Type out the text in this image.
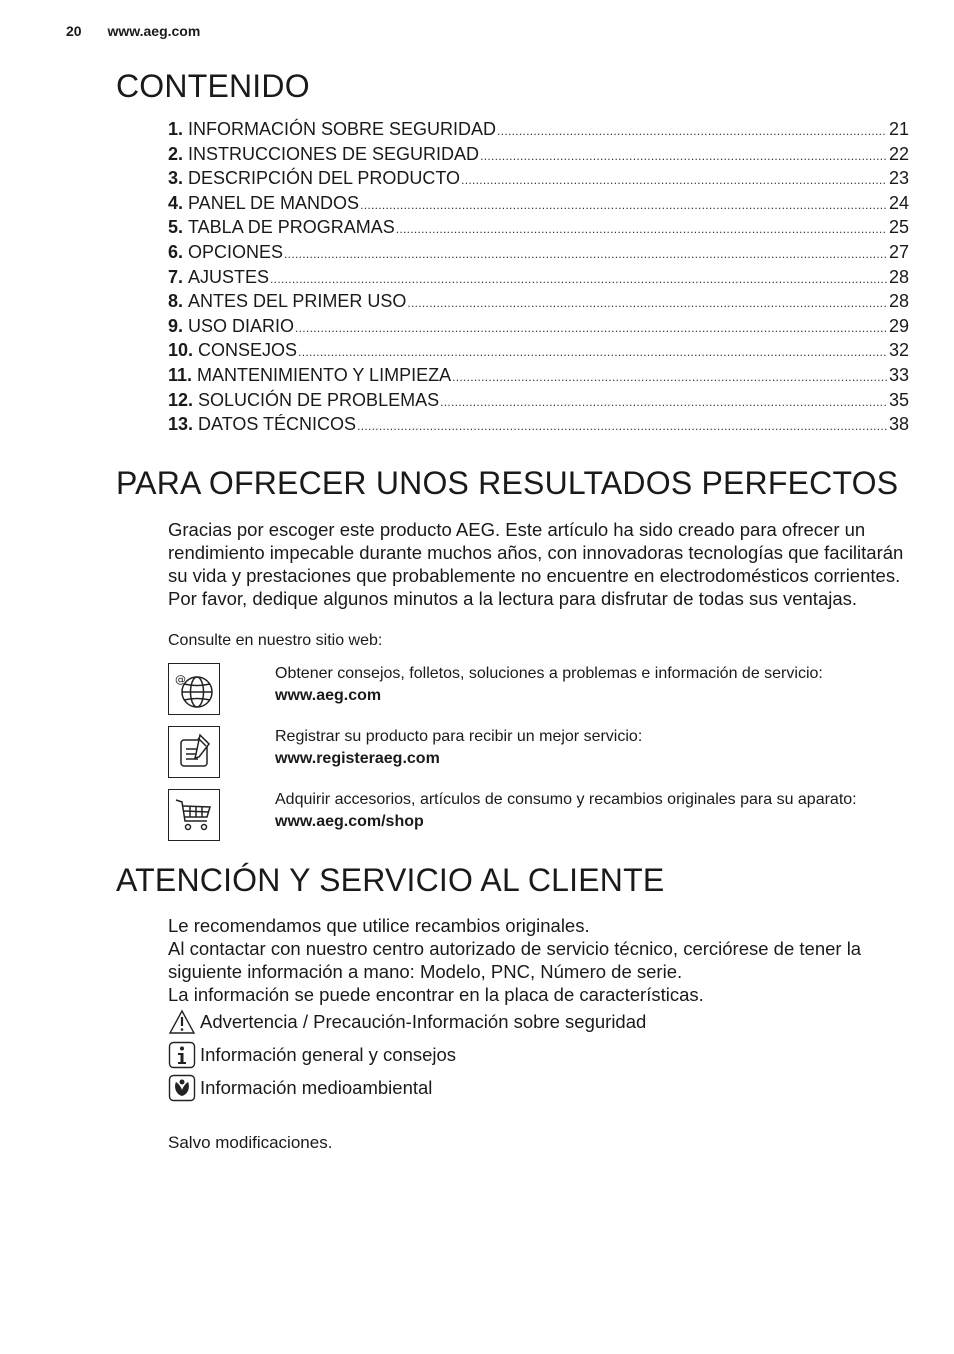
20 www.aeg.com
CONTENIDO
1. INFORMACIÓN SOBRE SEGURIDAD .....	21
2. INSTRUCCIONES DE SEGURIDAD .....	22
3. DESCRIPCIÓN DEL PRODUCTO .....	23
4. PANEL DE MANDOS .....	24
5. TABLA DE PROGRAMAS .....	25
6. OPCIONES .....	27
7. AJUSTES .....	28
8. ANTES DEL PRIMER USO .....	28
9. USO DIARIO .....	29
10. CONSEJOS .....	32
11. MANTENIMIENTO Y LIMPIEZA .....	33
12. SOLUCIÓN DE PROBLEMAS .....	35
13. DATOS TÉCNICOS .....	38
PARA OFRECER UNOS RESULTADOS PERFECTOS

Gracias por escoger este producto AEG. Este artículo ha sido creado para ofrecer un rendimiento impecable durante muchos años, con innovadoras tecnologías que facilitarán su vida y prestaciones que probablemente no encuentre en electrodomésticos corrientes. Por favor, dedique algunos minutos a la lectura para disfrutar de todas sus ventajas.

Consulte en nuestro sitio web:

@	Obtener consejos, folletos, soluciones a problemas e información de servicio:
www.aeg.com
Registrar su producto para recibir un mejor servicio:
www.registeraeg.com
Adquirir accesorios, artículos de consumo y recambios originales para su aparato:
www.aeg.com/shop
ATENCIÓN Y SERVICIO AL CLIENTE

Le recomendamos que utilice recambios originales.

Al contactar con nuestro centro autorizado de servicio técnico, cerciórese de tener la siguiente información a mano: Modelo, PNC, Número de serie.

La información se puede encontrar en la placa de características.

Advertencia / Precaución-Información sobre seguridad
Información general y consejos
Información medioambiental

Salvo modificaciones.
